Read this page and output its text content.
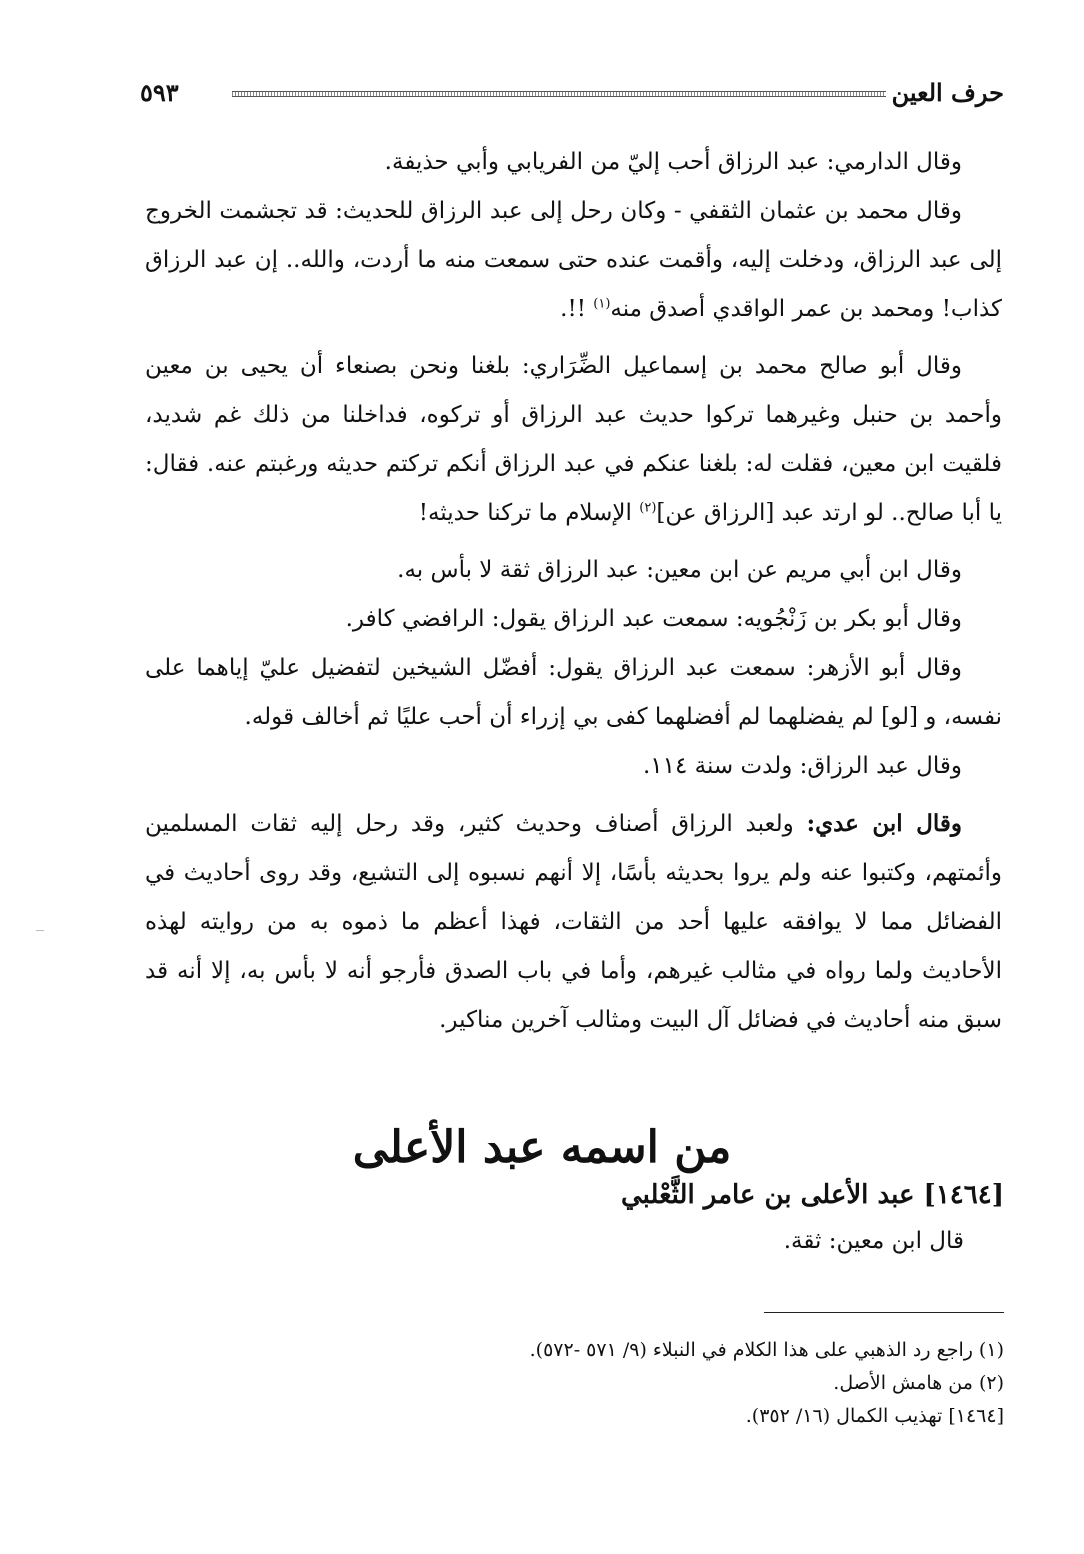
حرف العين
٥٩٣

وقال الدارمي: عبد الرزاق أحب إليّ من الفريابي وأبي حذيفة.

وقال محمد بن عثمان الثقفي - وكان رحل إلى عبد الرزاق للحديث: قد تجشمت الخروج إلى عبد الرزاق، ودخلت إليه، وأقمت عنده حتى سمعت منه ما أردت، والله.. إن عبد الرزاق كذاب! ومحمد بن عمر الواقدي أصدق منه$^{(١)}$ !!.

وقال أبو صالح محمد بن إسماعيل الضِّرَاري: بلغنا ونحن بصنعاء أن يحيى بن معين وأحمد بن حنبل وغيرهما تركوا حديث عبد الرزاق أو تركوه، فداخلنا من ذلك غم شديد، فلقيت ابن معين، فقلت له: بلغنا عنكم في عبد الرزاق أنكم تركتم حديثه ورغبتم عنه. فقال: يا أبا صالح.. لو ارتد عبد [الرزاق عن]$^{(٢)}$ الإسلام ما تركنا حديثه!

وقال ابن أبي مريم عن ابن معين: عبد الرزاق ثقة لا بأس به.

وقال أبو بكر بن زَنْجُويه: سمعت عبد الرزاق يقول: الرافضي كافر.

وقال أبو الأزهر: سمعت عبد الرزاق يقول: أفضّل الشيخين لتفضيل عليّ إياهما على نفسه، و [لو] لم يفضلهما لم أفضلهما كفى بي إزراء أن أحب عليًا ثم أخالف قوله.

وقال عبد الرزاق: ولدت سنة ١١٤.

وقال ابن عدي: ولعبد الرزاق أصناف وحديث كثير، وقد رحل إليه ثقات المسلمين وأئمتهم، وكتبوا عنه ولم يروا بحديثه بأسًا، إلا أنهم نسبوه إلى التشيع، وقد روى أحاديث في الفضائل مما لا يوافقه عليها أحد من الثقات، فهذا أعظم ما ذموه به من روايته لهذه الأحاديث ولما رواه في مثالب غيرهم، وأما في باب الصدق فأرجو أنه لا بأس به، إلا أنه قد سبق منه أحاديث في فضائل آل البيت ومثالب آخرين مناكير.

من اسمه عبد الأعلى
[١٤٦٤] عبد الأعلى بن عامر الثَّعْلبي
قال ابن معين: ثقة.
(١) راجع رد الذهبي على هذا الكلام في النبلاء (٩/ ٥٧١ -٥٧٢).
(٢) من هامش الأصل.
[١٤٦٤] تهذيب الكمال (١٦/ ٣٥٢).
